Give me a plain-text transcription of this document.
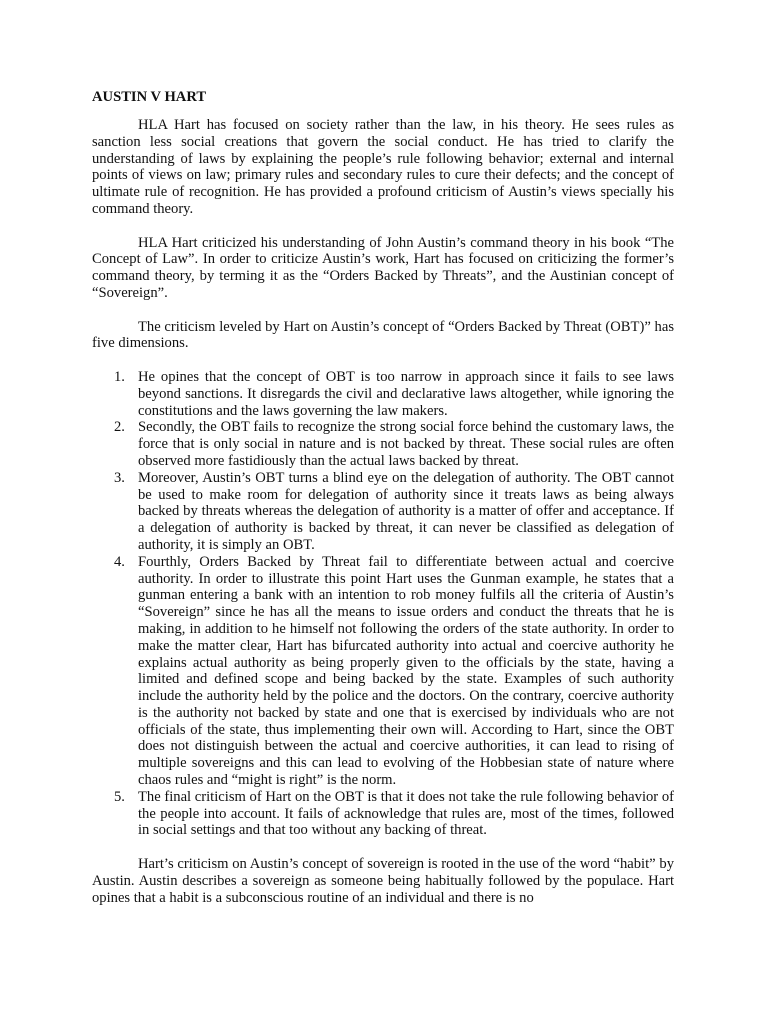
AUSTIN V HART

HLA Hart has focused on society rather than the law, in his theory. He sees rules as sanction less social creations that govern the social conduct. He has tried to clarify the understanding of laws by explaining the people’s rule following behavior; external and internal points of views on law; primary rules and secondary rules to cure their defects; and the concept of ultimate rule of recognition. He has provided a profound criticism of Austin’s views specially his command theory.

HLA Hart criticized his understanding of John Austin’s command theory in his book “The Concept of Law”. In order to criticize Austin’s work, Hart has focused on criticizing the former’s command theory, by terming it as the “Orders Backed by Threats”, and the Austinian concept of “Sovereign”.

The criticism leveled by Hart on Austin’s concept of “Orders Backed by Threat (OBT)” has five dimensions.

1. He opines that the concept of OBT is too narrow in approach since it fails to see laws beyond sanctions. It disregards the civil and declarative laws altogether, while ignoring the constitutions and the laws governing the law makers.
2. Secondly, the OBT fails to recognize the strong social force behind the customary laws, the force that is only social in nature and is not backed by threat. These social rules are often observed more fastidiously than the actual laws backed by threat.
3. Moreover, Austin’s OBT turns a blind eye on the delegation of authority. The OBT cannot be used to make room for delegation of authority since it treats laws as being always backed by threats whereas the delegation of authority is a matter of offer and acceptance. If a delegation of authority is backed by threat, it can never be classified as delegation of authority, it is simply an OBT.
4. Fourthly, Orders Backed by Threat fail to differentiate between actual and coercive authority. In order to illustrate this point Hart uses the Gunman example, he states that a gunman entering a bank with an intention to rob money fulfils all the criteria of Austin’s “Sovereign” since he has all the means to issue orders and conduct the threats that he is making, in addition to he himself not following the orders of the state authority. In order to make the matter clear, Hart has bifurcated authority into actual and coercive authority he explains actual authority as being properly given to the officials by the state, having a limited and defined scope and being backed by the state. Examples of such authority include the authority held by the police and the doctors. On the contrary, coercive authority is the authority not backed by state and one that is exercised by individuals who are not officials of the state, thus implementing their own will. According to Hart, since the OBT does not distinguish between the actual and coercive authorities, it can lead to rising of multiple sovereigns and this can lead to evolving of the Hobbesian state of nature where chaos rules and “might is right” is the norm.
5. The final criticism of Hart on the OBT is that it does not take the rule following behavior of the people into account. It fails of acknowledge that rules are, most of the times, followed in social settings and that too without any backing of threat.

Hart’s criticism on Austin’s concept of sovereign is rooted in the use of the word “habit” by Austin. Austin describes a sovereign as someone being habitually followed by the populace. Hart opines that a habit is a subconscious routine of an individual and there is no
